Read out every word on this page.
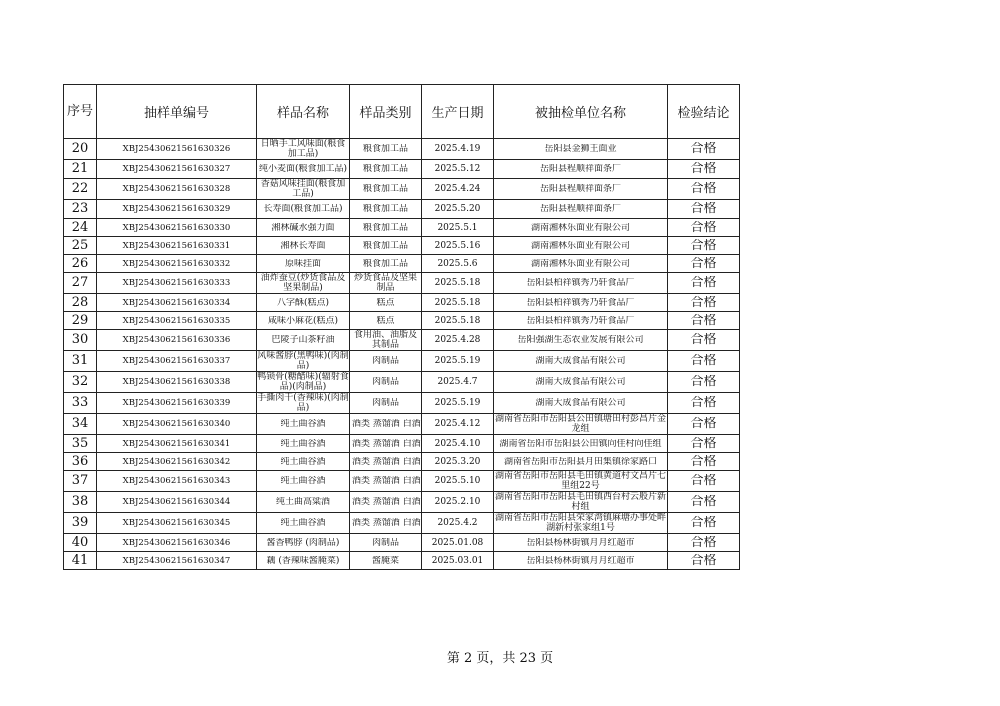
序号	抽样单编号	样品名称	样品类别	生产日期	被抽检单位名称	检验结论

20	XBJ25430621561630326	日晒手工风味面(粮食加工品)	粮食加工品	2025.4.19	岳阳县金狮王面业	合格

21	XBJ25430621561630327	纯小麦面(粮食加工品)	粮食加工品	2025.5.12	岳阳县程顺祥面条厂	合格

22	XBJ25430621561630328	香菇风味挂面(粮食加工品)	粮食加工品	2025.4.24	岳阳县程顺祥面条厂	合格

23	XBJ25430621561630329	长寿面(粮食加工品)	粮食加工品	2025.5.20	岳阳县程顺祥面条厂	合格

24	XBJ25430621561630330	湘林碱水强力面	粮食加工品	2025.5.1	湖南湘林乐面业有限公司	合格

25	XBJ25430621561630331	湘林长寿面	粮食加工品	2025.5.16	湖南湘林乐面业有限公司	合格

26	XBJ25430621561630332	原味挂面	粮食加工品	2025.5.6	湖南湘林乐面业有限公司	合格

27	XBJ25430621561630333	油炸蚕豆(炒货食品及坚果制品)	炒货食品及坚果制品	2025.5.18	岳阳县柏祥镇秀乃轩食品厂	合格

28	XBJ25430621561630334	八字酥(糕点)	糕点	2025.5.18	岳阳县柏祥镇秀乃轩食品厂	合格

29	XBJ25430621561630335	咸味小麻花(糕点)	糕点	2025.5.18	岳阳县柏祥镇秀乃轩食品厂	合格

30	XBJ25430621561630336	巴陵子山茶籽油	食用油、油脂及其制品	2025.4.28	岳阳强湖生态农业发展有限公司	合格

31	XBJ25430621561630337	风味酱脖(黑鸭味)(肉制品)	肉制品	2025.5.19	湖南大成食品有限公司	合格

32	XBJ25430621561630338	鸭锁骨(糖醋味)(辐射食品)(肉制品)	肉制品	2025.4.7	湖南大成食品有限公司	合格

33	XBJ25430621561630339	手撕肉干(香辣味)(肉制品)	肉制品	2025.5.19	湖南大成食品有限公司	合格

34	XBJ25430621561630340	纯土曲谷酒	酒类 蒸馏酒 白酒	2025.4.12	湖南省岳阳市岳阳县公田镇塘田村彭昌片金龙组	合格

35	XBJ25430621561630341	纯土曲谷酒	酒类 蒸馏酒 白酒	2025.4.10	湖南省岳阳市岳阳县公田镇向佳村向佳组	合格

36	XBJ25430621561630342	纯土曲谷酒	酒类 蒸馏酒 白酒	2025.3.20	湖南省岳阳市岳阳县月田集镇徐家路口	合格

37	XBJ25430621561630343	纯土曲谷酒	酒类 蒸馏酒 白酒	2025.5.10	湖南省岳阳市岳阳县毛田镇黄道村文昌片七里组22号	合格

38	XBJ25430621561630344	纯土曲高粱酒	酒类 蒸馏酒 白酒	2025.2.10	湖南省岳阳市岳阳县毛田镇西台村云般片新村组	合格

39	XBJ25430621561630345	纯土曲谷酒	酒类 蒸馏酒 白酒	2025.4.2	湖南省岳阳市岳阳县荣家湾镇麻塘办事处畔湖新村张家组1号	合格

40	XBJ25430621561630346	酱香鸭脖 (肉制品)	肉制品	2025.01.08	岳阳县杨林街镇月月红超市	合格

41	XBJ25430621561630347	藕 (香辣味酱腌菜)	酱腌菜	2025.03.01	岳阳县杨林街镇月月红超市	合格
第 2 页，共 23 页
